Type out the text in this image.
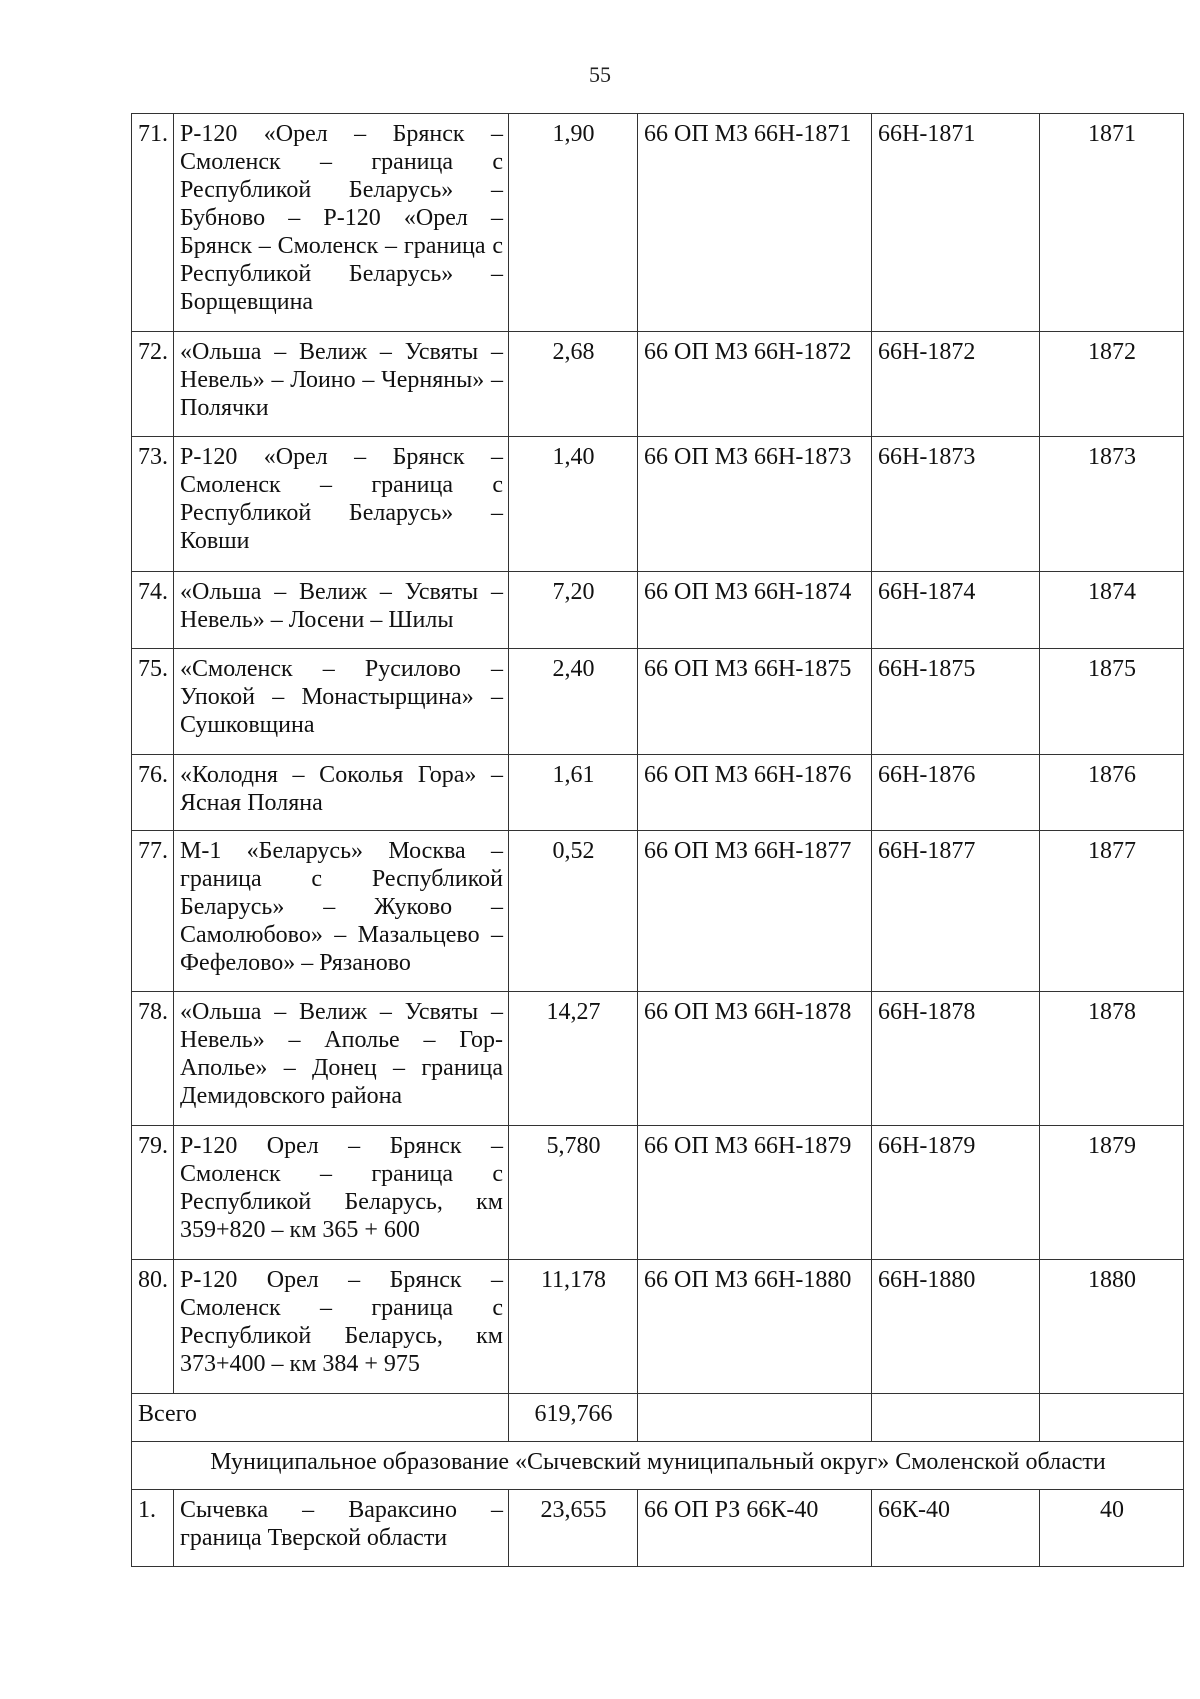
55
71.	Р-120 «Орел – Брянск – Смоленск – граница с Республикой Беларусь» – Бубново – Р-120 «Орел – Брянск – Смоленск – граница с Республикой Беларусь» – Борщевщина	1,90	66 ОП МЗ 66Н-1871	66Н-1871	1871
72.	«Ольша – Велиж – Усвяты – Невель» – Лоино – Черняны» – Полячки	2,68	66 ОП МЗ 66Н-1872	66Н-1872	1872
73.	Р-120 «Орел – Брянск – Смоленск – граница с Республикой Беларусь» – Ковши	1,40	66 ОП МЗ 66Н-1873	66Н-1873	1873
74.	«Ольша – Велиж – Усвяты – Невель» – Лосени – Шилы	7,20	66 ОП МЗ 66Н-1874	66Н-1874	1874
75.	«Смоленск – Русилово – Упокой – Монастырщина» – Сушковщина	2,40	66 ОП МЗ 66Н-1875	66Н-1875	1875
76.	«Колодня – Соколья Гора» – Ясная Поляна	1,61	66 ОП МЗ 66Н-1876	66Н-1876	1876
77.	М-1 «Беларусь» Москва – граница с Республикой Беларусь» – Жуково – Самолюбово» – Мазальцево – Фефелово» – Рязаново	0,52	66 ОП МЗ 66Н-1877	66Н-1877	1877
78.	«Ольша – Велиж – Усвяты – Невель» – Аполье – Гор-Аполье» – Донец – граница Демидовского района	14,27	66 ОП МЗ 66Н-1878	66Н-1878	1878
79.	Р-120 Орел – Брянск – Смоленск – граница с Республикой Беларусь, км 359+820 – км 365 + 600	5,780	66 ОП МЗ 66Н-1879	66Н-1879	1879
80.	Р-120 Орел – Брянск – Смоленск – граница с Республикой Беларусь, км 373+400 – км 384 + 975	11,178	66 ОП МЗ 66Н-1880	66Н-1880	1880
Всего		619,766			
Муниципальное образование «Сычевский муниципальный округ» Смоленской области					
1.	Сычевка – Вараксино – граница Тверской области	23,655	66 ОП РЗ 66К-40	66К-40	40
